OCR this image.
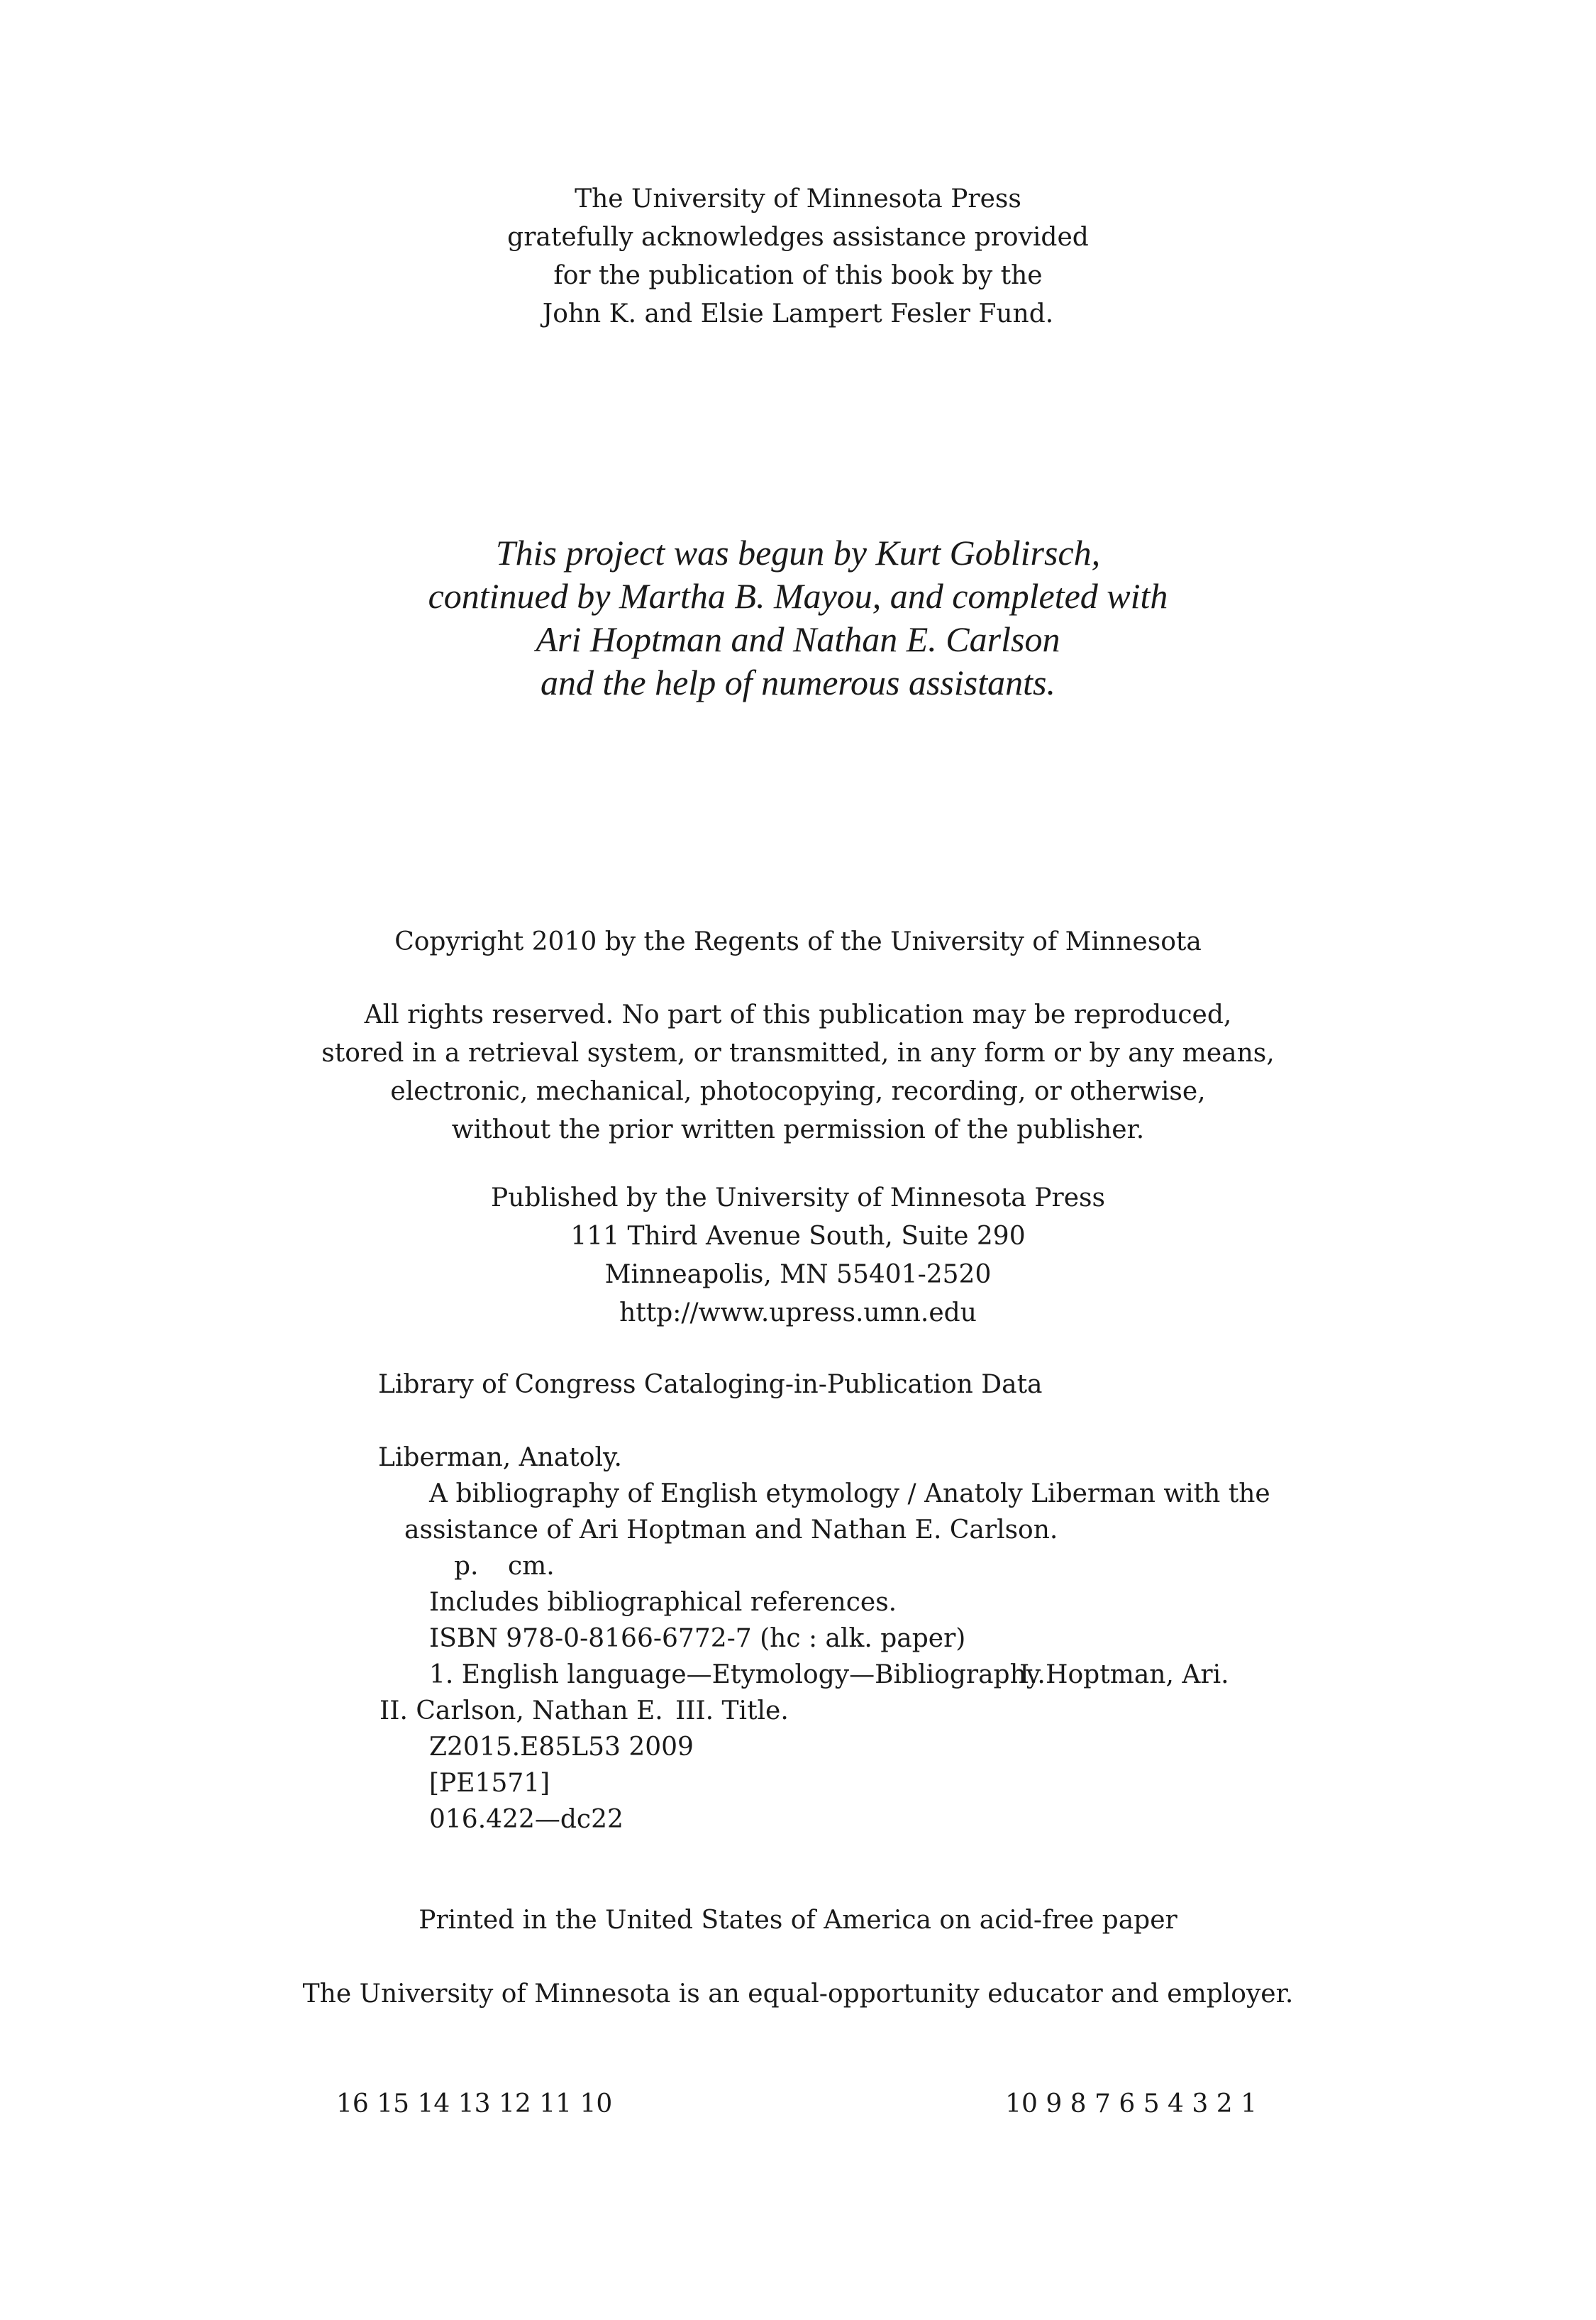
The University of Minnesota Press
gratefully acknowledges assistance provided
for the publication of this book by the
John K. and Elsie Lampert Fesler Fund.
This project was begun by Kurt Goblirsch,
continued by Martha B. Mayou, and completed with
Ari Hoptman and Nathan E. Carlson
and the help of numerous assistants.
Copyright 2010 by the Regents of the University of Minnesota
All rights reserved. No part of this publication may be reproduced,
stored in a retrieval system, or transmitted, in any form or by any means,
electronic, mechanical, photocopying, recording, or otherwise,
without the prior written permission of the publisher.
Published by the University of Minnesota Press
111 Third Avenue South, Suite 290
Minneapolis, MN 55401-2520
http://www.upress.umn.edu
Library of Congress Cataloging-in-Publication Data
Liberman, Anatoly.
A bibliography of English etymology / Anatoly Liberman with the
assistance of Ari Hoptman and Nathan E. Carlson.
p. cm.
Includes bibliographical references.
ISBN 978-0-8166-6772-7 (hc : alk. paper)
1. English language—Etymology—Bibliography.
I. Hoptman, Ari.
II. Carlson, Nathan E. III. Title.
Z2015.E85L53 2009
[PE1571]
016.422—dc22
Printed in the United States of America on acid-free paper
The University of Minnesota is an equal-opportunity educator and employer.
16 15 14 13 12 11 10	10 9 8 7 6 5 4 3 2 1
